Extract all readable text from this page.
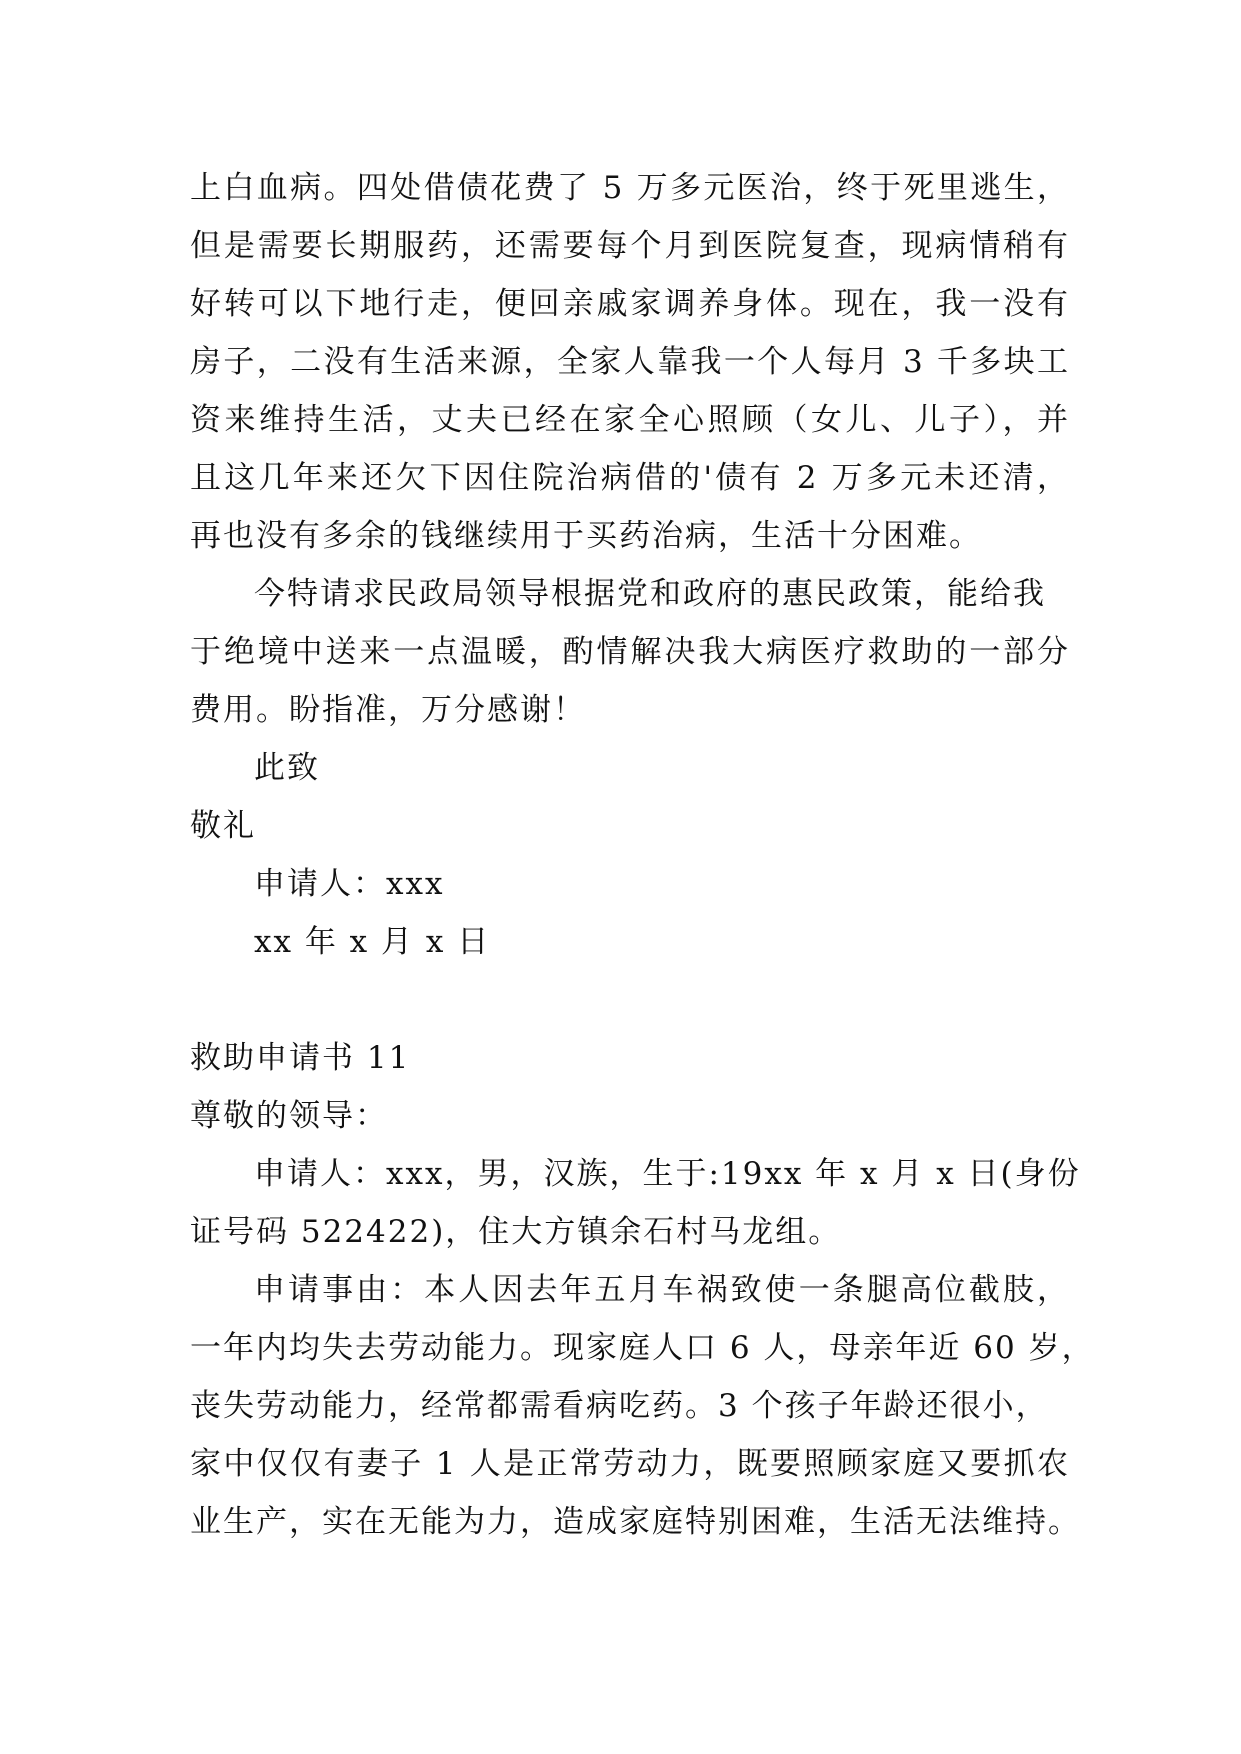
上白血病。四处借债花费了 5 万多元医治，终于死里逃生，
但是需要长期服药，还需要每个月到医院复查，现病情稍有
好转可以下地行走，便回亲戚家调养身体。现在，我一没有
房子，二没有生活来源，全家人靠我一个人每月 3 千多块工
资来维持生活，丈夫已经在家全心照顾（女儿、儿子），并
且这几年来还欠下因住院治病借的'债有 2 万多元未还清，
再也没有多余的钱继续用于买药治病，生活十分困难。
今特请求民政局领导根据党和政府的惠民政策，能给我
于绝境中送来一点温暖，酌情解决我大病医疗救助的一部分
费用。盼指准，万分感谢！
此致
敬礼
申请人：xxx
xx 年 x 月 x 日
救助申请书 11
尊敬的领导：
申请人：xxx，男，汉族，生于:19xx 年 x 月 x 日(身份
证号码 522422)，住大方镇余石村马龙组。
申请事由：本人因去年五月车祸致使一条腿高位截肢，
一年内均失去劳动能力。现家庭人口 6 人，母亲年近 60 岁，
丧失劳动能力，经常都需看病吃药。3 个孩子年龄还很小，
家中仅仅有妻子 1 人是正常劳动力，既要照顾家庭又要抓农
业生产，实在无能为力，造成家庭特别困难，生活无法维持。
